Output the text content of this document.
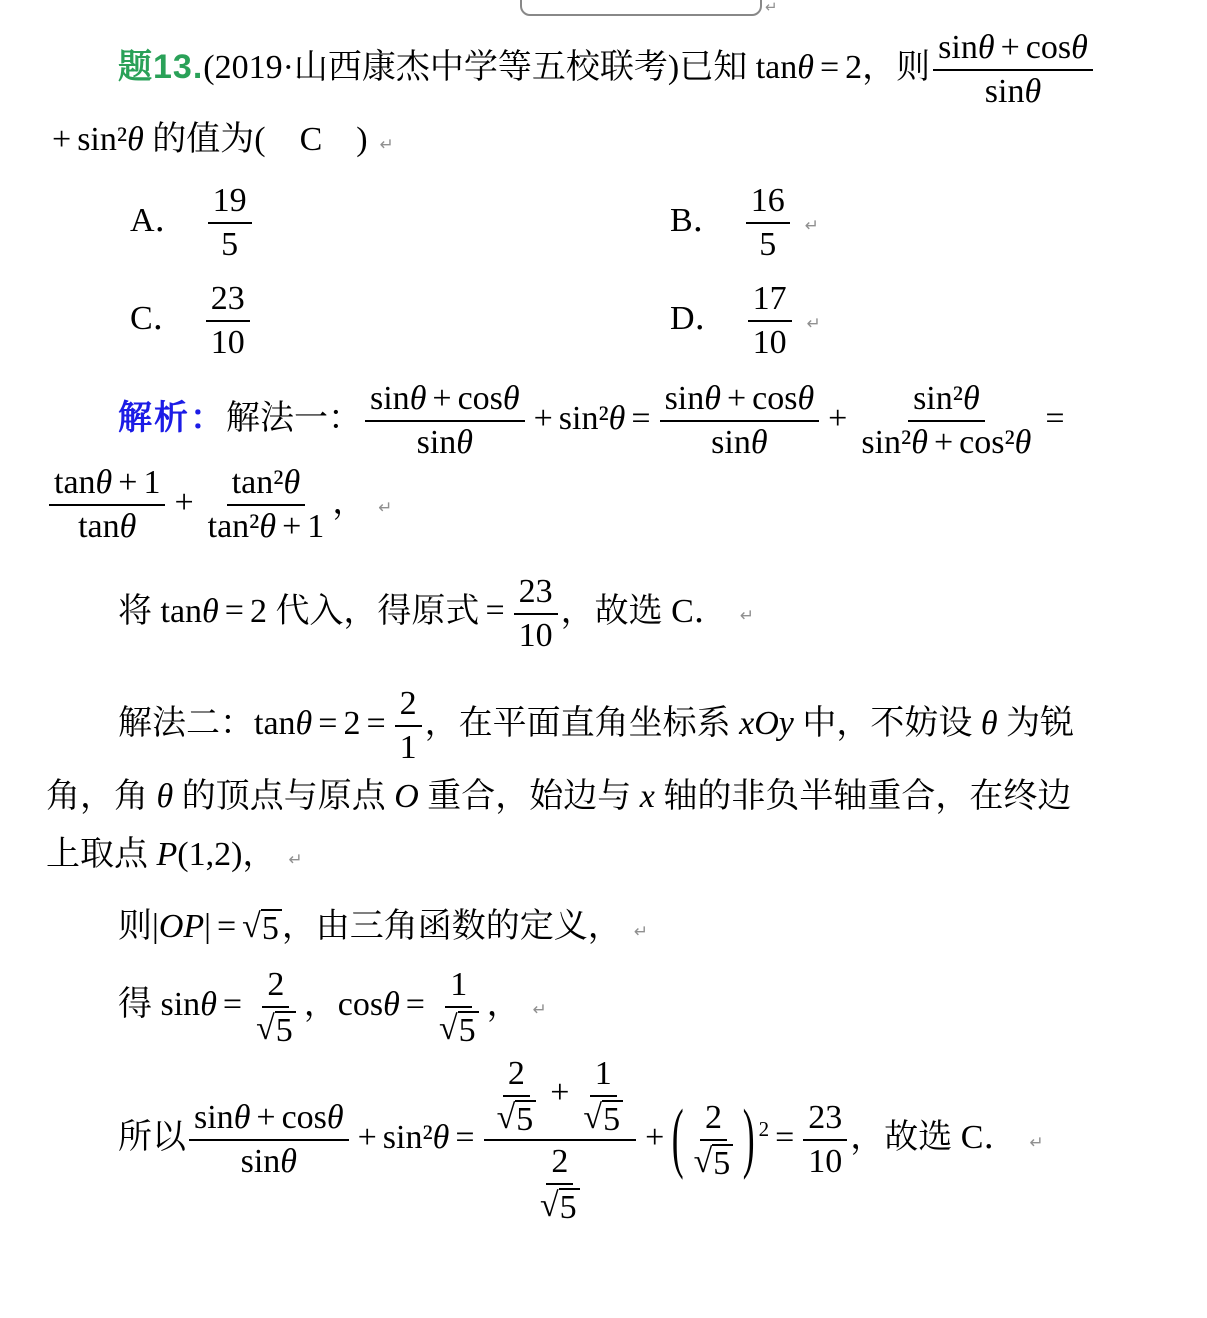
↵

题13.(2019·山西康杰中学等五校联考)已知 tanθ = 2，则 $\frac{\sin\theta + \cos\theta}{\sin\theta}$

+ sin²θ 的值为(　C　) ↵

A． $\frac{19}{5}$	B． $\frac{16}{5}$ ↵
C． $\frac{23}{10}$	D． $\frac{17}{10}$ ↵

解析：解法一： $\frac{\sin\theta + \cos\theta}{\sin\theta} + \sin^2\theta = \frac{\sin\theta + \cos\theta}{\sin\theta} + \frac{\text{sin²θ}}{\text{sin²θ + cos²θ}}$ =

$\frac{\tan\theta + 1}{\tan\theta} + \frac{\text{tan²θ}}{\text{tan²θ + 1}}$ ， ↵

将 tanθ = 2 代入，得原式 = $\frac{23}{10}$ ，故选 C． ↵

解法二：$\tan\theta = 2 = \frac{2}{1}$ ，在平面直角坐标系 xOy 中，不妨设 θ 为锐
角，角 θ 的顶点与原点 O 重合，始边与 x 轴的非负半轴重合，在终边
上取点 P(1,2)， ↵

则|OP| = √ 5 ，由三角函数的定义， ↵

得 $\sin\theta = \frac{2}{√ 5}$ ，$\cos\theta = \frac{1}{√ 5}$ ， ↵

所以 $\frac{\sin\theta + \cos\theta}{\sin\theta} + \sin^2\theta = \frac{\frac{2}{√ 5} + \frac{1}{√ 5}}{\frac{2}{√ 5}}$ + ( $\frac{2}{√ 5}$ ) $2 = \frac{23}{10}$ ，故选 C． ↵
